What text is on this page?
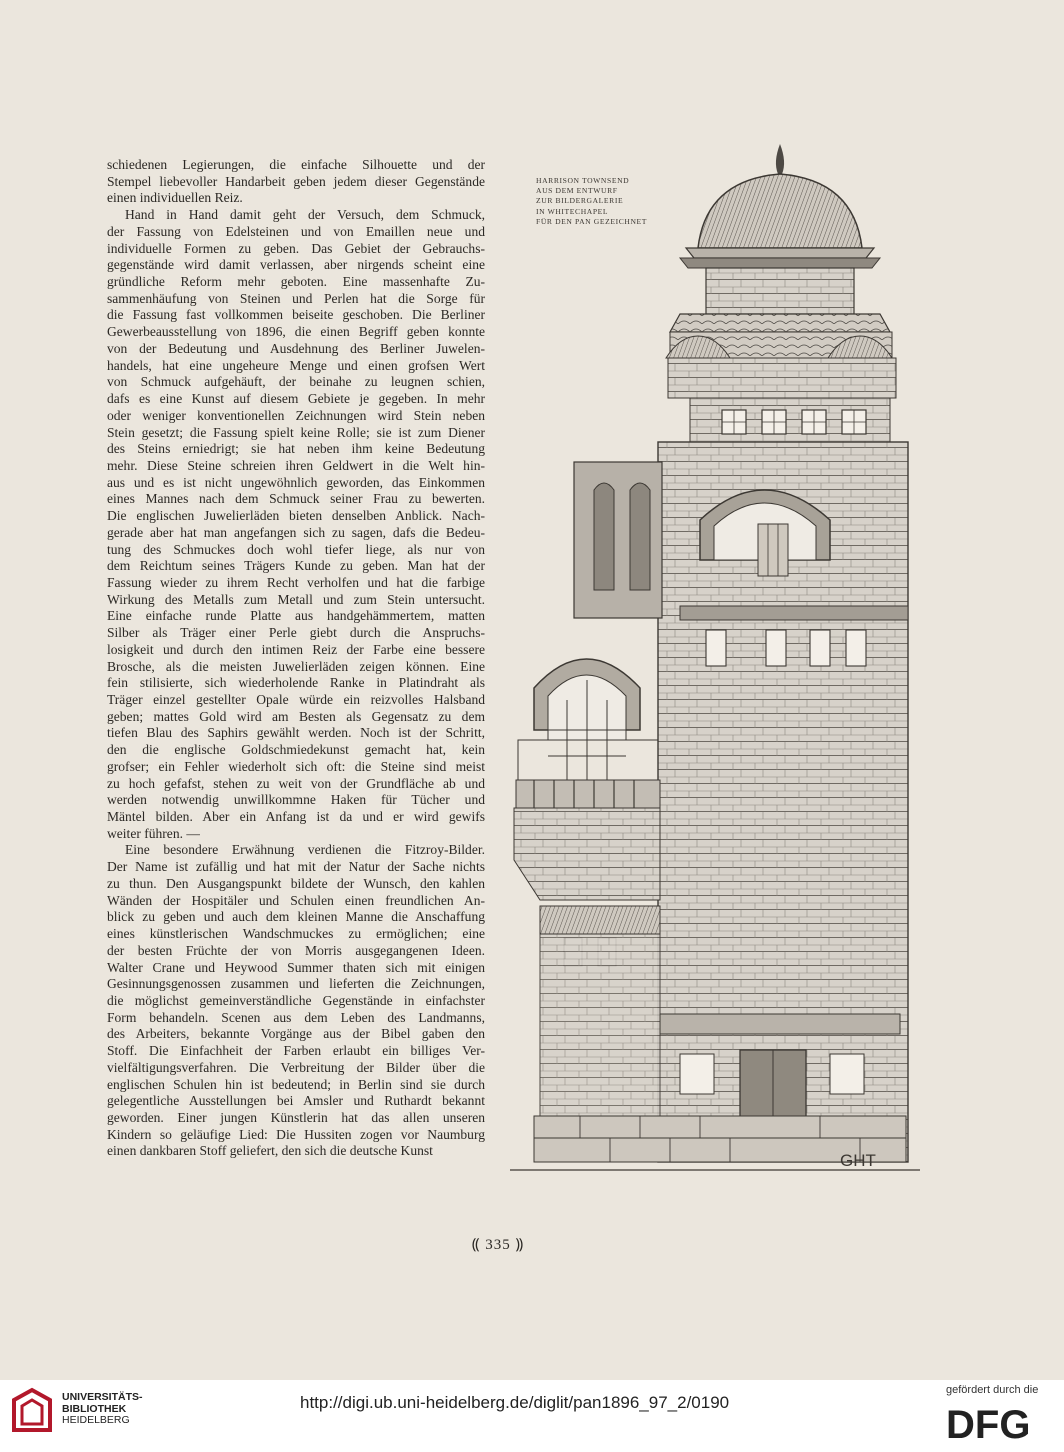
schiedenen Legierungen, die einfache Silhouette und der

Stempel liebevoller Handarbeit geben jedem dieser Gegenstände

einen individuellen Reiz.

Hand in Hand damit geht der Versuch, dem Schmuck,

der Fassung von Edelsteinen und von Emaillen neue und

individuelle Formen zu geben. Das Gebiet der Gebrauchs-

gegenstände wird damit verlassen, aber nirgends scheint eine

gründliche Reform mehr geboten. Eine massenhafte Zu-

sammenhäufung von Steinen und Perlen hat die Sorge für

die Fassung fast vollkommen beiseite geschoben. Die Berliner

Gewerbeausstellung von 1896, die einen Begriff geben konnte

von der Bedeutung und Ausdehnung des Berliner Juwelen-

handels, hat eine ungeheure Menge und einen grofsen Wert

von Schmuck aufgehäuft, der beinahe zu leugnen schien,

dafs es eine Kunst auf diesem Gebiete je gegeben. In mehr

oder weniger konventionellen Zeichnungen wird Stein neben

Stein gesetzt; die Fassung spielt keine Rolle; sie ist zum Diener

des Steins erniedrigt; sie hat neben ihm keine Bedeutung

mehr. Diese Steine schreien ihren Geldwert in die Welt hin-

aus und es ist nicht ungewöhnlich geworden, das Einkommen

eines Mannes nach dem Schmuck seiner Frau zu bewerten.

Die englischen Juwelierläden bieten denselben Anblick. Nach-

gerade aber hat man angefangen sich zu sagen, dafs die Bedeu-

tung des Schmuckes doch wohl tiefer liege, als nur von

dem Reichtum seines Trägers Kunde zu geben. Man hat der

Fassung wieder zu ihrem Recht verholfen und hat die farbige

Wirkung des Metalls zum Metall und zum Stein untersucht.

Eine einfache runde Platte aus handgehämmertem, matten

Silber als Träger einer Perle giebt durch die Anspruchs-

losigkeit und durch den intimen Reiz der Farbe eine bessere

Brosche, als die meisten Juwelierläden zeigen können. Eine

fein stilisierte, sich wiederholende Ranke in Platindraht als

Träger einzel gestellter Opale würde ein reizvolles Halsband

geben; mattes Gold wird am Besten als Gegensatz zu dem

tiefen Blau des Saphirs gewählt werden. Noch ist der Schritt,

den die englische Goldschmiedekunst gemacht hat, kein

grofser; ein Fehler wiederholt sich oft: die Steine sind meist

zu hoch gefafst, stehen zu weit von der Grundfläche ab und

werden notwendig unwillkommne Haken für Tücher und

Mäntel bilden. Aber ein Anfang ist da und er wird gewifs

weiter führen. —

Eine besondere Erwähnung verdienen die Fitzroy-Bilder.

Der Name ist zufällig und hat mit der Natur der Sache nichts

zu thun. Den Ausgangspunkt bildete der Wunsch, den kahlen

Wänden der Hospitäler und Schulen einen freundlichen An-

blick zu geben und auch dem kleinen Manne die Anschaffung

eines künstlerischen Wandschmuckes zu ermöglichen; eine

der besten Früchte der von Morris ausgegangenen Ideen.

Walter Crane und Heywood Summer thaten sich mit einigen

Gesinnungsgenossen zusammen und lieferten die Zeichnungen,

die möglichst gemeinverständliche Gegenstände in einfachster

Form behandeln. Scenen aus dem Leben des Landmanns,

des Arbeiters, bekannte Vorgänge aus der Bibel gaben den

Stoff. Die Einfachheit der Farben erlaubt ein billiges Ver-

vielfältigungsverfahren. Die Verbreitung der Bilder über die

englischen Schulen hin ist bedeutend; in Berlin sind sie durch

gelegentliche Ausstellungen bei Amsler und Ruthardt bekannt

geworden. Einer jungen Künstlerin hat das allen unseren

Kindern so geläufige Lied: Die Hussiten zogen vor Naumburg

einen dankbaren Stoff geliefert, den sich die deutsche Kunst

HARRISON TOWNSEND
AUS DEM ENTWURF
ZUR BILDERGALERIE
IN WHITECHAPEL
FÜR DEN PAN GEZEICHNET
GHT
⸨ 335 ⸩
UNIVERSITÄTS-
BIBLIOTHEK
HEIDELBERG
http://digi.ub.uni-heidelberg.de/diglit/pan1896_97_2/0190
gefördert durch die
DFG
